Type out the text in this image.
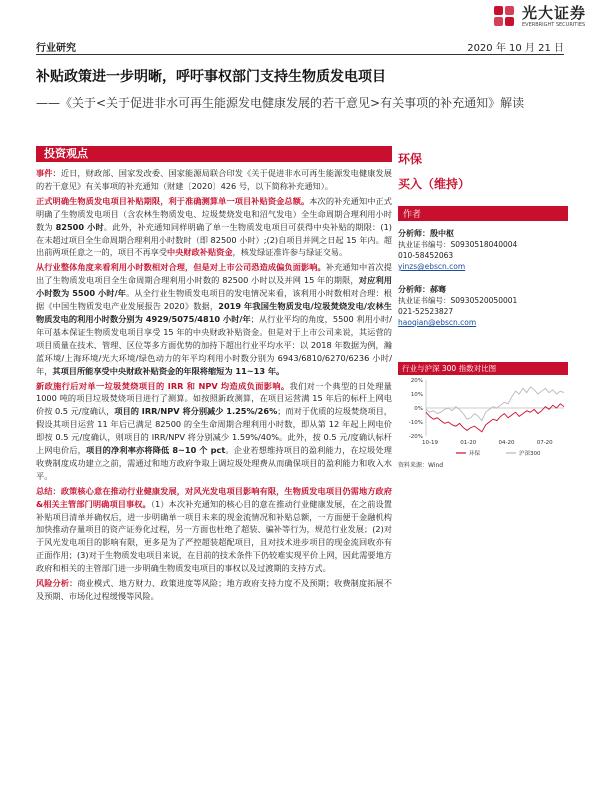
光大证券
EVERBRIGHT SECURITIES
行业研究	2020 年 10 月 21 日
补贴政策进一步明晰，呼吁事权部门支持生物质发电项目
——《关于<关于促进非水可再生能源发电健康发展的若干意见>有关事项的补充通知》解读
投资观点

事件：近日，财政部、国家发改委、国家能源局联合印发《关于促进非水可再生能源发电健康发展的若干意见》有关事项的补充通知（财建〔2020〕426 号，以下简称补充通知）。

正式明确生物质发电项目补贴期限，利于准确测算单一项目补贴资金总额。本次的补充通知中正式明确了生物质发电项目（含农林生物质发电、垃圾焚烧发电和沼气发电）全生命周期合理利用小时数为 82500 小时。此外，补充通知同样明确了单一生物质发电项目可获得中央补贴的期限：(1)在未超过项目全生命周期合理利用小时数时（即 82500 小时）;(2)自项目并网之日起 15 年内。超出前两项任意之一的，项目不再享受中央财政补贴资金，核发绿证准许参与绿证交易。

从行业整体角度来看利用小时数相对合理，但是对上市公司恐造成偏负面影响。补充通知中首次提出了生物质发电项目全生命周期合理利用小时数的 82500 小时以及并网 15 年的期限，对应利用小时数为 5500 小时/年。从全行业生物质发电项目的发电情况来看，该利用小时数相对合理：根据《中国生物质发电产业发展报告 2020》数据，2019 年我国生物质发电/垃圾焚烧发电/农林生物质发电的利用小时数分别为 4929/5075/4810 小时/年；从行业平均的角度，5500 利用小时/年可基本保证生物质发电项目享受 15 年的中央财政补贴资金。但是对于上市公司来说，其运营的项目质量在技术、管理、区位等多方面优势的加持下超出行业平均水平：以 2018 年数据为例，瀚蓝环境/上海环境/光大环境/绿色动力的年平均利用小时数分别为 6943/6810/6270/6236 小时/年，其项目所能享受中央财政补贴资金的年限将缩短为 11~13 年。

新政施行后对单一垃圾焚烧项目的 IRR 和 NPV 均造成负面影响。我们对一个典型的日处理量 1000 吨的项目垃圾焚烧项目进行了测算。如按照新政测算，在项目运营满 15 年后的标杆上网电价按 0.5 元/度确认，项目的 IRR/NPV 将分别减少 1.25%/26%；而对于优质的垃圾焚烧项目，假设其项目运营 11 年后已满足 82500 的全生命周期合理利用小时数，即从第 12 年起上网电价即按 0.5 元/度确认，则项目的 IRR/NPV 将分别减少 1.59%/40%。此外，按 0.5 元/度确认标杆上网电价后，项目的净利率亦将降低 8~10 个 pct。企业若想维持项目的盈利能力，在垃圾处理收费制度成功建立之前，需通过和地方政府争取上调垃圾处理费从而确保项目的盈利能力和收入水平。

总结：政策核心意在推动行业健康发展，对风光发电项目影响有限，生物质发电项目仍需地方政府&相关主管部门明确项目事权。（1）本次补充通知的核心目的意在推动行业健康发展，在之前设置补贴项目清单并确权后，进一步明确单一项目未来的现金流情况和补贴总额，一方面便于金融机构加快推动存量项目的资产证券化过程，另一方面也杜绝了超装、骗补等行为，规范行业发展；(2)对于风光发电项目的影响有限，更多是为了严控超装超配项目，且对技术进步项目的现金流回收亦有正面作用；(3)对于生物质发电项目来说，在目前的技术条件下仍较难实现平价上网，因此需要地方政府和相关的主管部门进一步明确生物质发电项目的事权以及过渡期的支持方式。

风险分析：商业模式、地方财力、政策进度等风险；地方政府支持力度不及预期；收费制度拓展不及预期、市场化过程缓慢等风险。

环保
买入（维持）
作者
分析师：殷中枢
执业证书编号：S0930518040004
010-58452063
yinzs@ebscn.com
分析师：郝骞
执业证书编号：S0930520050001
021-52523827
haoqian@ebscn.com
行业与沪深 300 指数对比图
20%
10%
0%
-10%
-20%
10-19	01-20	04-20	07-20
环保	沪深300
资料来源：Wind
